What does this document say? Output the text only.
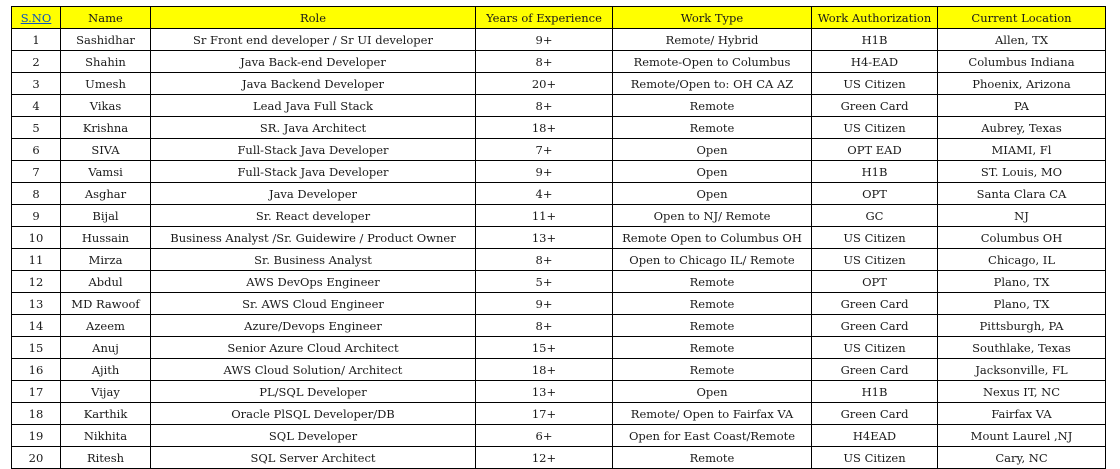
S.NO	Name	Role	Years of Experience	Work Type	Work Authorization	Current Location
1	Sashidhar	Sr Front end developer / Sr UI developer	9+	Remote/ Hybrid	H1B	Allen, TX
2	Shahin	Java Back-end Developer	8+	Remote-Open to Columbus	H4-EAD	Columbus Indiana
3	Umesh	Java Backend Developer	20+	Remote/Open to: OH CA AZ	US Citizen	Phoenix, Arizona
4	Vikas	Lead Java Full Stack	8+	Remote	Green Card	PA
5	Krishna	SR. Java Architect	18+	Remote	US Citizen	Aubrey, Texas
6	SIVA	Full-Stack Java Developer	7+	Open	OPT EAD	MIAMI, Fl
7	Vamsi	Full-Stack Java Developer	9+	Open	H1B	ST. Louis, MO
8	Asghar	Java Developer	4+	Open	OPT	Santa Clara CA
9	Bijal	Sr. React developer	11+	Open to NJ/ Remote	GC	NJ
10	Hussain	Business Analyst /Sr. Guidewire / Product Owner	13+	Remote Open to Columbus OH	US Citizen	Columbus OH
11	Mirza	Sr. Business Analyst	8+	Open to Chicago IL/ Remote	US Citizen	Chicago, IL
12	Abdul	AWS DevOps Engineer	5+	Remote	OPT	Plano, TX
13	MD Rawoof	Sr. AWS Cloud Engineer	9+	Remote	Green Card	Plano, TX
14	Azeem	Azure/Devops Engineer	8+	Remote	Green Card	Pittsburgh, PA
15	Anuj	Senior Azure Cloud Architect	15+	Remote	US Citizen	Southlake, Texas
16	Ajith	AWS Cloud Solution/ Architect	18+	Remote	Green Card	Jacksonville, FL
17	Vijay	PL/SQL Developer	13+	Open	H1B	Nexus IT, NC
18	Karthik	Oracle PlSQL Developer/DB	17+	Remote/ Open to Fairfax VA	Green Card	Fairfax VA
19	Nikhita	SQL Developer	6+	Open for East Coast/Remote	H4EAD	Mount Laurel ,NJ
20	Ritesh	SQL Server Architect	12+	Remote	US Citizen	Cary, NC
